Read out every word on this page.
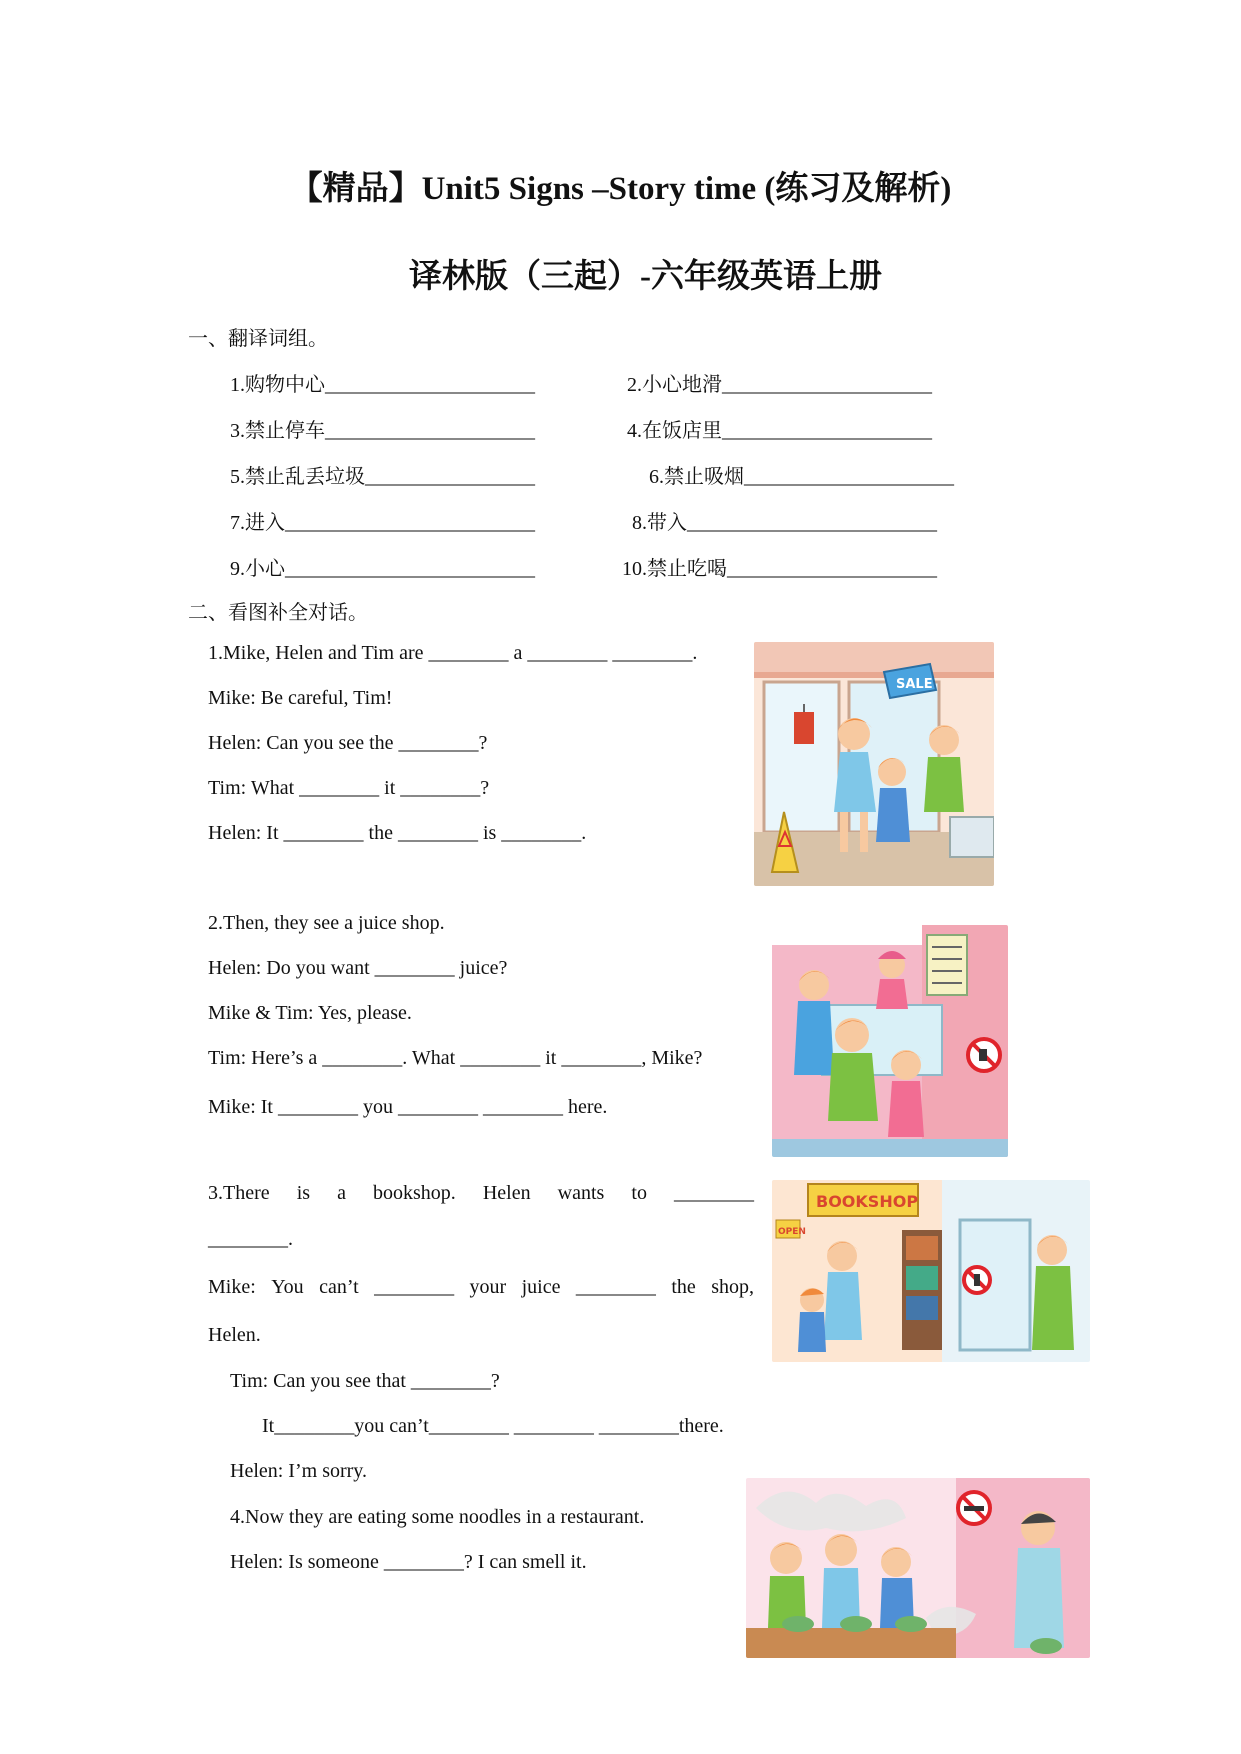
【精品】Unit5 Signs –Story time (练习及解析)
译林版（三起）-六年级英语上册
一、翻译词组。
1.购物中心_____________________	2.小心地滑_____________________
3.禁止停车_____________________	4.在饭店里_____________________
5.禁止乱丢垃圾_________________	6.禁止吸烟_____________________
7.进入_________________________	8.带入_________________________
9.小心_________________________	10.禁止吃喝_____________________
二、看图补全对话。
1.Mike, Helen and Tim are ________ a ________ ________.
Mike: Be careful, Tim!
Helen: Can you see the ________?
Tim: What ________ it ________?
Helen: It ________ the ________ is ________.
SALE
2.Then, they see a juice shop.
Helen: Do you want ________ juice?
Mike & Tim: Yes, please.
Tim: Here’s a ________. What ________ it ________, Mike?
Mike: It ________ you ________ ________ here.
3.There is a bookshop. Helen wants to ________
________.
Mike: You can’t ________ your juice ________ the shop,
Helen.
Tim: Can you see that ________?
It________you can’t________ ________ ________there.
Helen: I’m sorry.
BOOKSHOP
OPEN
4.Now they are eating some noodles in a restaurant.
Helen: Is someone ________? I can smell it.
